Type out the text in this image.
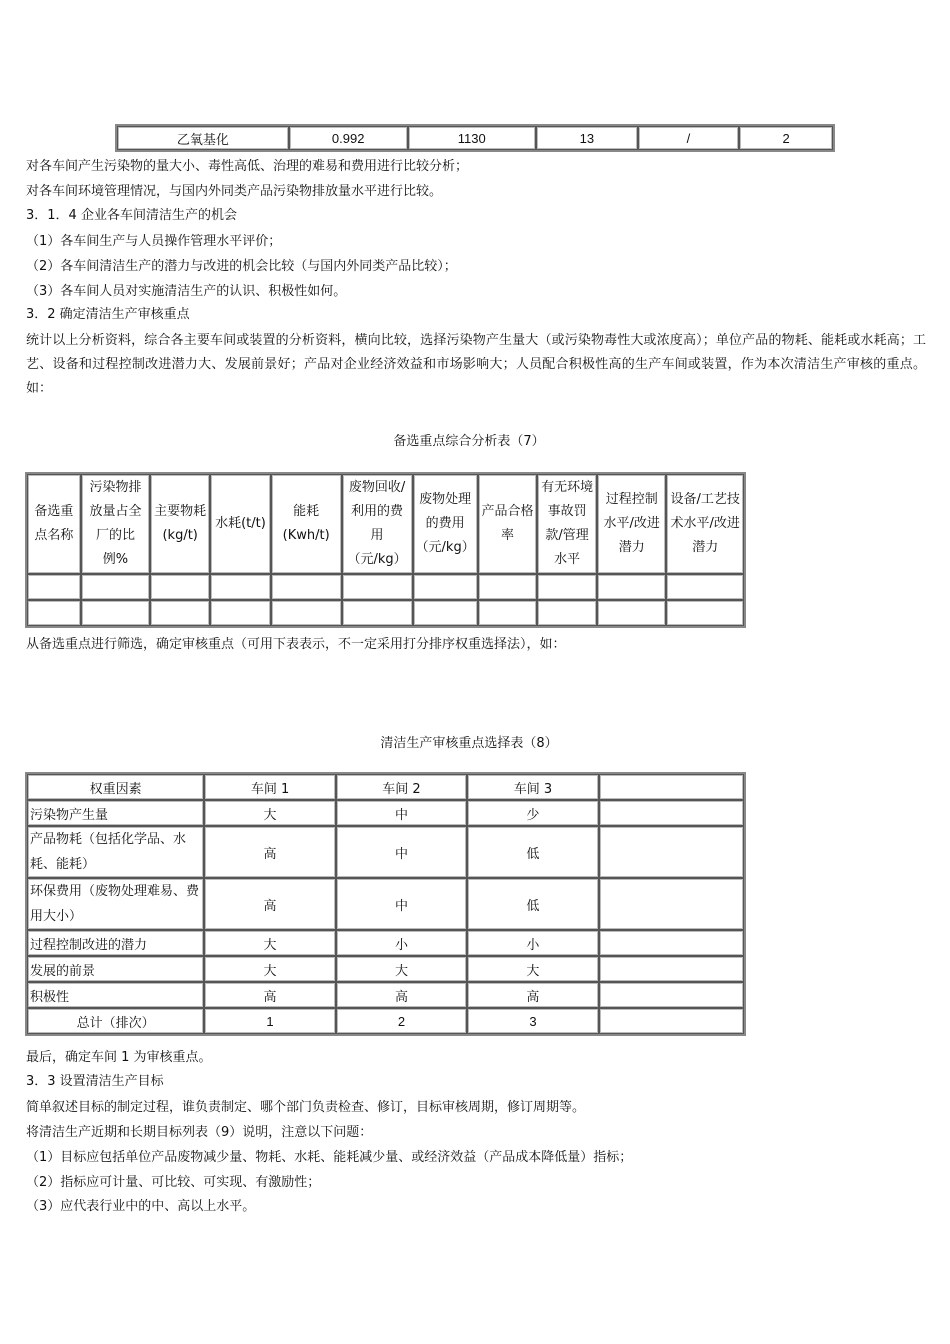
乙氧基化	0.992	1130	13	/	2
对各车间产生污染物的量大小、毒性高低、治理的难易和费用进行比较分析；
对各车间环境管理情况，与国内外同类产品污染物排放量水平进行比较。
3．1．4 企业各车间清洁生产的机会
（1）各车间生产与人员操作管理水平评价；
（2）各车间清洁生产的潜力与改进的机会比较（与国内外同类产品比较）；
（3）各车间人员对实施清洁生产的认识、积极性如何。
3．2 确定清洁生产审核重点
统计以上分析资料，综合各主要车间或装置的分析资料，横向比较，选择污染物产生量大（或污染物毒性大或浓度高）；单位产品的物耗、能耗或水耗高；工艺、设备和过程控制改进潜力大、发展前景好；产品对企业经济效益和市场影响大；人员配合积极性高的生产车间或装置，作为本次清洁生产审核的重点。如：
备选重点综合分析表（7）
备选重点名称	污染物排放量占全厂的比例%	主要物耗(kg/t)	水耗(t/t)	能耗(Kwh/t)	废物回收/利用的费用（元/kg）	废物处理的费用（元/kg）	产品合格率	有无环境事故罚款/管理水平	过程控制水平/改进潜力	设备/工艺技术水平/改进潜力

从备选重点进行筛选，确定审核重点（可用下表表示，不一定采用打分排序权重选择法），如：
清洁生产审核重点选择表（8）
权重因素	车间 1	车间 2	车间 3	
污染物产生量	大	中	少	
产品物耗（包括化学品、水耗、能耗）	高	中	低	
环保费用（废物处理难易、费用大小）	高	中	低	
过程控制改进的潜力	大	小	小	
发展的前景	大	大	大	
积极性	高	高	高	
总计（排次）	1	2	3	
最后，确定车间 1 为审核重点。
3．3 设置清洁生产目标
简单叙述目标的制定过程，谁负责制定、哪个部门负责检查、修订，目标审核周期，修订周期等。
将清洁生产近期和长期目标列表（9）说明，注意以下问题：
（1）目标应包括单位产品废物减少量、物耗、水耗、能耗减少量、或经济效益（产品成本降低量）指标；
（2）指标应可计量、可比较、可实现、有激励性；
（3）应代表行业中的中、高以上水平。
